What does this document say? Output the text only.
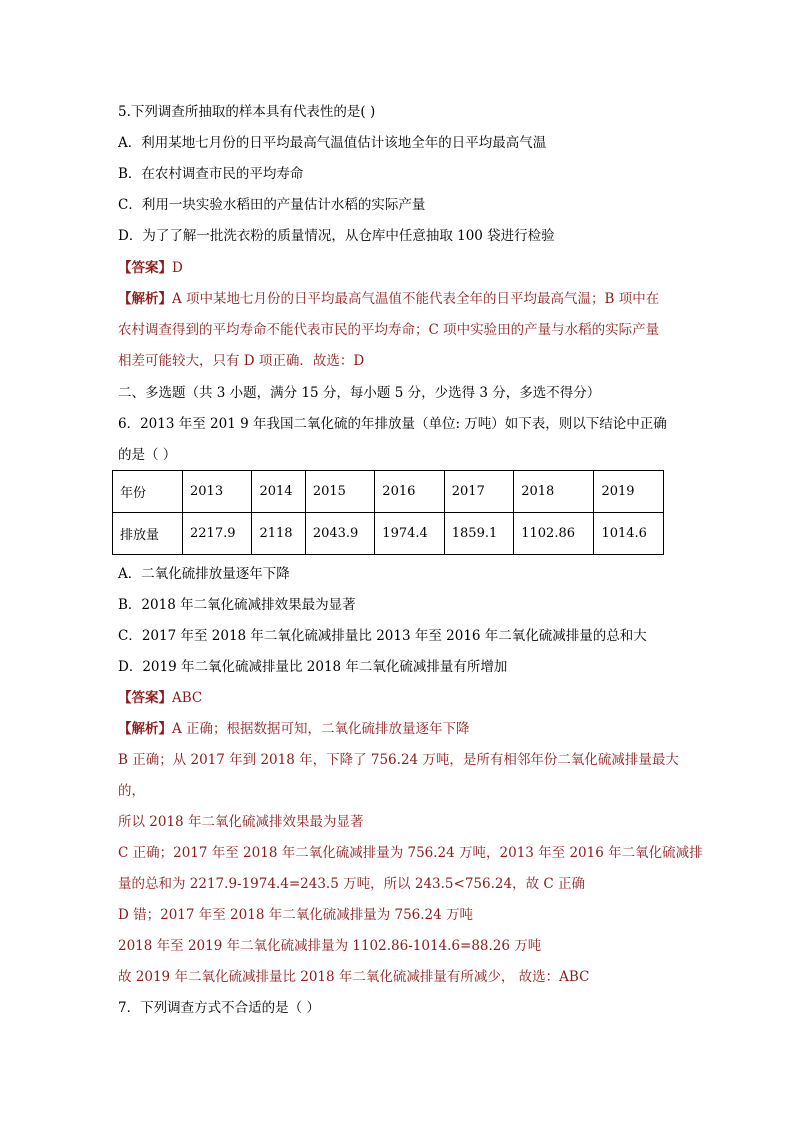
5.下列调查所抽取的样本具有代表性的是( )
A．利用某地七月份的日平均最高气温值估计该地全年的日平均最高气温
B．在农村调查市民的平均寿命
C．利用一块实验水稻田的产量估计水稻的实际产量
D．为了了解一批洗衣粉的质量情况，从仓库中任意抽取 100 袋进行检验
【答案】D
【解析】A 项中某地七月份的日平均最高气温值不能代表全年的日平均最高气温；B 项中在
农村调查得到的平均寿命不能代表市民的平均寿命；C 项中实验田的产量与水稻的实际产量
相差可能较大，只有 D 项正确．故选：D
二、多选题（共 3 小题，满分 15 分，每小题 5 分，少选得 3 分，多选不得分）
6．2013 年至 201 9 年我国二氧化硫的年排放量（单位: 万吨）如下表，则以下结论中正确
的是（ ）
年份	2013	2014	2015	2016	2017	2018	2019
排放量	2217.9	2118	2043.9	1974.4	1859.1	1102.86	1014.6
A．二氧化硫排放量逐年下降
B．2018 年二氧化硫减排效果最为显著
C．2017 年至 2018 年二氧化硫减排量比 2013 年至 2016 年二氧化硫减排量的总和大
D．2019 年二氧化硫减排量比 2018 年二氧化硫减排量有所增加
【答案】ABC
【解析】A 正确；根据数据可知，二氧化硫排放量逐年下降
B 正确；从 2017 年到 2018 年，下降了 756.24 万吨，是所有相邻年份二氧化硫减排量最大
的，
所以 2018 年二氧化硫减排效果最为显著
C 正确；2017 年至 2018 年二氧化硫减排量为 756.24 万吨，2013 年至 2016 年二氧化硫减排
量的总和为 2217.9-1974.4=243.5 万吨，所以 243.5<756.24，故 C 正确
D 错；2017 年至 2018 年二氧化硫减排量为 756.24 万吨
2018 年至 2019 年二氧化硫减排量为 1102.86-1014.6=88.26 万吨
故 2019 年二氧化硫减排量比 2018 年二氧化硫减排量有所减少， 故选：ABC
7．下列调查方式不合适的是（ ）
